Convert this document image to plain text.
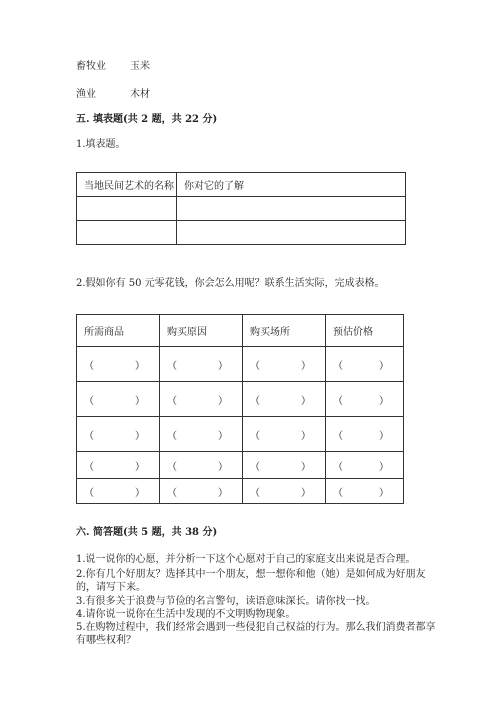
畜牧业 玉米
渔业	木材
五. 填表题(共 2 题，共 22 分)
1.填表题。
当地民间艺术的名称	你对它的了解

2.假如你有 50 元零花钱，你会怎么用呢？联系生活实际，完成表格。
所需商品	购买原因	购买场所	预估价格

（ ）	（ ）	（ ）	（ ）

（ ）	（ ）	（ ）	（ ）

（ ）	（ ）	（ ）	（ ）

（ ）	（ ）	（ ）	（ ）

（ ）	（ ）	（ ）	（ ）
六. 简答题(共 5 题，共 38 分)
1.说一说你的心愿，并分析一下这个心愿对于自己的家庭支出来说是否合理。
2.你有几个好朋友？选择其中一个朋友，想一想你和他（她）是如何成为好朋友的，请写下来。
3.有很多关于浪费与节俭的名言警句，读语意味深长。请你找一找。
4.请你说一说你在生活中发现的不文明购物现象。
5.在购物过程中，我们经常会遇到一些侵犯自己权益的行为。那么我们消费者都享有哪些权利？
